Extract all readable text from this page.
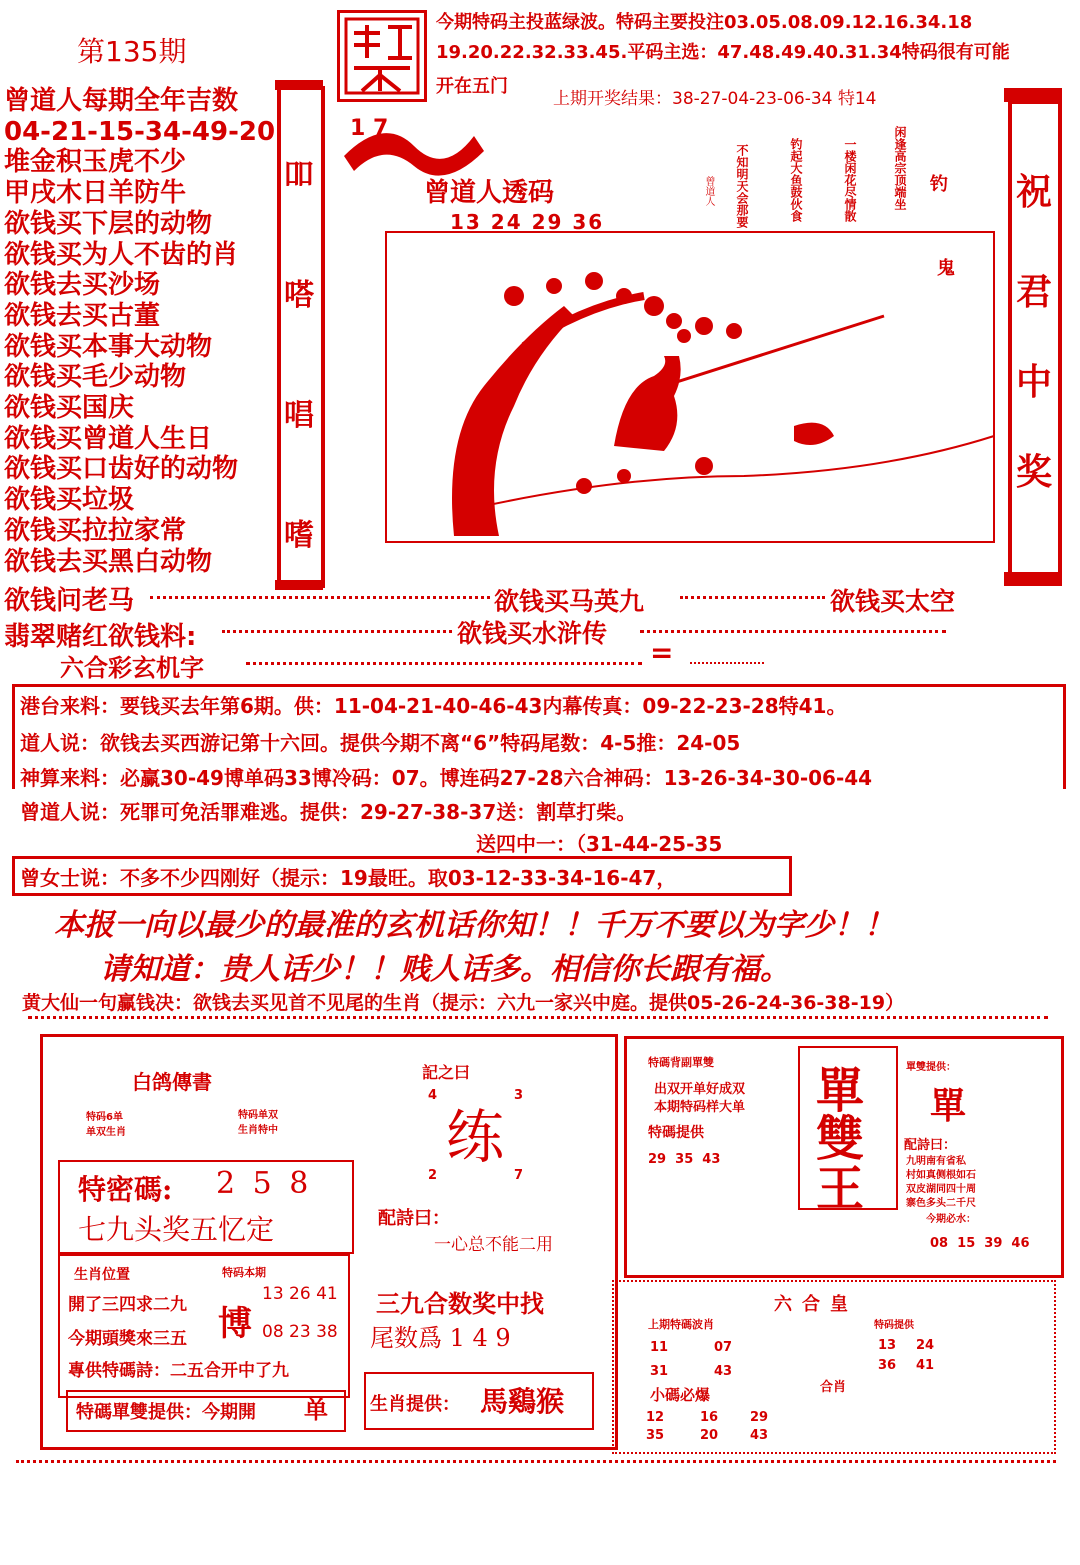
第135期
今期特码主投蓝绿波。特码主要投注03.05.08.09.12.16.34.18
19.20.22.32.33.45.平码主选：47.48.49.40.31.34特码很有可能
开在五门
上期开奖结果：38-27-04-23-06-34 特14
曾道人每期全年吉数
04-21-15-34-49-20
堆金积玉虎不少
甲戌木日羊防牛
欲钱买下层的动物
欲钱买为人不齿的肖
欲钱去买沙场
欲钱去买古董
欲钱买本事大动物
欲钱买毛少动物
欲钱买国庆
欲钱买曾道人生日
欲钱买口齿好的动物
欲钱买垃圾
欲钱买拉拉家常
欲钱去买黑白动物
吅
嗒
唱
嗜
1 7
曾道人透码
13 24 29 36
曾道人 不知明天会那要	钓起大鱼鼓伙食	一楼闲花尽情散	闲逢高宗顶端坐 钓
鬼
祝
君
中
奖
欲钱问老马	欲钱买马英九	欲钱买太空
翡翠赌红欲钱料:	欲钱买水浒传
六合彩玄机字	=
港台来料：要钱买去年第6期。供：11-04-21-40-46-43内幕传真：09-22-23-28特41。
道人说：欲钱去买西游记第十六回。提供今期不离“6”特码尾数：4-5推：24-05
神算来料：必赢30-49博单码33博冷码：07。博连码27-28六合神码：13-26-34-30-06-44
曾道人说：死罪可免活罪难逃。提供：29-27-38-37送：割草打柴。
送四中一：（31-44-25-35
曾女士说：不多不少四刚好（提示：19最旺。取03-12-33-34-16-47，
本报一向以最少的最准的玄机话你知！！千万不要以为字少！！
请知道：贵人话少！！贱人话多。相信你长跟有福。
黄大仙一句赢钱决：欲钱去买见首不见尾的生肖（提示：六九一家兴中庭。提供05-26-24-36-38-19）
白鸽傳書
特码6单
单双生肖
特码单双
生肖特中
記之曰
练
4	3
2	7
特密碼: 2 5 8
七九头奖五忆定	配詩曰：
一心总不能二用
生肖位置
開了三四求二九
今期頭獎來三五
特码本期
博
13 26 41
08 23 38
專供特碼詩：二五合开中了九
特碼單雙提供：今期開 单
三九合数奖中找
尾数爲 1 4 9
生肖提供： 馬鷄猴
特碼背副單雙
出双开单好成双
本期特码样大单
特碼提供
29  35  43
單
雙
王
單雙提供：
單
配詩曰：
九明南有省私
村如真侧根如石
双皮湖同四十周
寨色多头二千尺
今期必水：
08  15  39  46
六合皇
上期特碼波肖
11	07
31	43
特码提供
13 24
36 41
合肖
小碼必爆
12	16 29
35	20 43
